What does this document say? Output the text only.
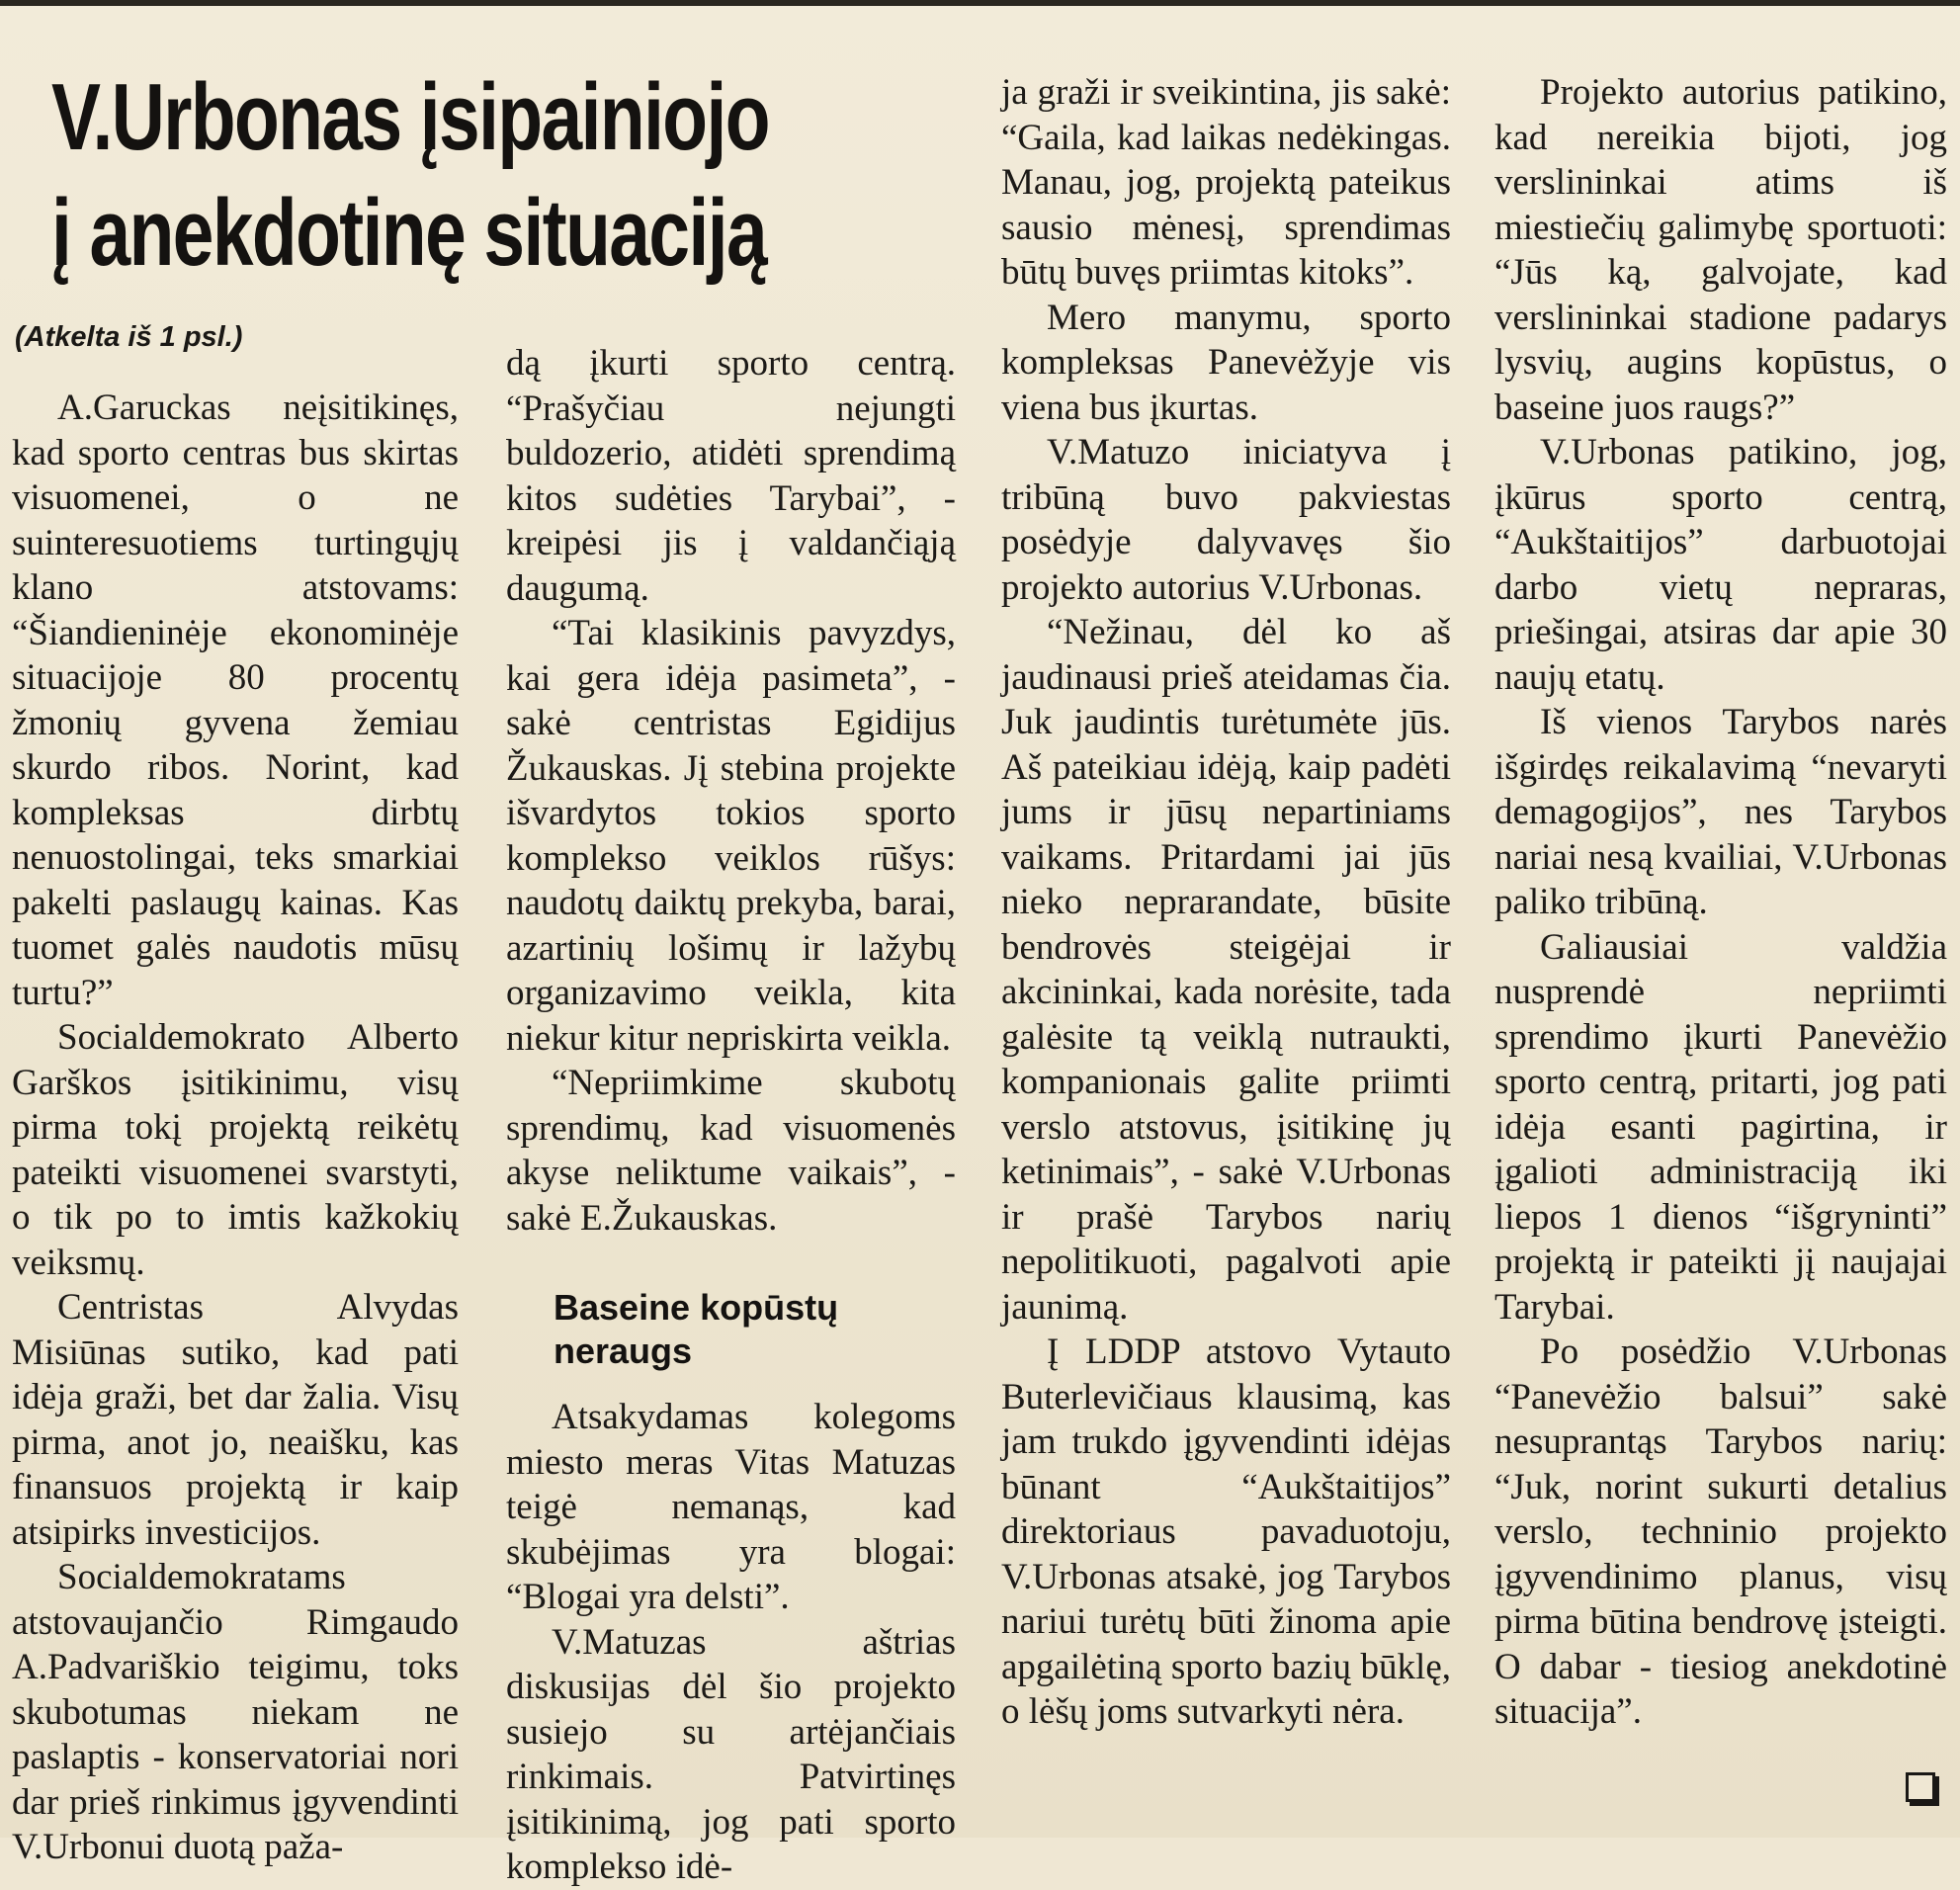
V.Urbonas įsipainiojo
į anekdotinę situaciją
(Atkelta iš 1 psl.)

A.Garuckas neįsitikinęs, kad sporto centras bus skirtas visuomenei, o ne suinteresuotiems turtingųjų klano atstovams: “Šiandieninėje ekonominėje situacijoje 80 procentų žmonių gyvena žemiau skurdo ribos. Norint, kad kompleksas dirbtų nenuostolingai, teks smarkiai pakelti paslaugų kainas. Kas tuomet galės naudotis mūsų turtu?”

Socialdemokrato Alberto Garškos įsitikinimu, visų pirma tokį projektą reikėtų pateikti visuomenei svarstyti, o tik po to imtis kažkokių veiksmų.

Centristas Alvydas Misiūnas sutiko, kad pati idėja graži, bet dar žalia. Visų pirma, anot jo, neaišku, kas finansuos projektą ir kaip atsipirks investicijos.

Socialdemokratams atstovaujančio Rimgaudo A.Padvariškio teigimu, toks skubotumas niekam ne paslaptis - konservatoriai nori dar prieš rinkimus įgyvendinti V.Urbonui duotą paža-

dą įkurti sporto centrą. “Prašyčiau nejungti buldozerio, atidėti sprendimą kitos sudėties Tarybai”, - kreipėsi jis į valdančiąją daugumą.

“Tai klasikinis pavyzdys, kai gera idėja pasimeta”, - sakė centristas Egidijus Žukauskas. Jį stebina projekte išvardytos tokios sporto komplekso veiklos rūšys: naudotų daiktų prekyba, barai, azartinių lošimų ir lažybų organizavimo veikla, kita niekur kitur nepriskirta veikla.

“Nepriimkime skubotų sprendimų, kad visuomenės akyse neliktume vaikais”, - sakė E.Žukauskas.

Baseine kopūstų neraugs

Atsakydamas kolegoms miesto meras Vitas Matuzas teigė nemanąs, kad skubėjimas yra blogai: “Blogai yra delsti”.

V.Matuzas aštrias diskusijas dėl šio projekto susiejo su artėjančiais rinkimais. Patvirtinęs įsitikinimą, jog pati sporto komplekso idė-

ja graži ir sveikintina, jis sakė: “Gaila, kad laikas nedėkingas. Manau, jog, projektą pateikus sausio mėnesį, sprendimas būtų buvęs priimtas kitoks”.

Mero manymu, sporto kompleksas Panevėžyje vis viena bus įkurtas.

V.Matuzo iniciatyva į tribūną buvo pakviestas posėdyje dalyvavęs šio projekto autorius V.Urbonas.

“Nežinau, dėl ko aš jaudinausi prieš ateidamas čia. Juk jaudintis turėtumėte jūs. Aš pateikiau idėją, kaip padėti jums ir jūsų nepartiniams vaikams. Pritardami jai jūs nieko neprarandate, būsite bendrovės steigėjai ir akcininkai, kada norėsite, tada galėsite tą veiklą nutraukti, kompanionais galite priimti verslo atstovus, įsitikinę jų ketinimais”, - sakė V.Urbonas ir prašė Tarybos narių nepolitikuoti, pagalvoti apie jaunimą.

Į LDDP atstovo Vytauto Buterlevičiaus klausimą, kas jam trukdo įgyvendinti idėjas būnant “Aukštaitijos” direktoriaus pavaduotoju, V.Urbonas atsakė, jog Tarybos nariui turėtų būti žinoma apie apgailėtiną sporto bazių būklę, o lėšų joms sutvarkyti nėra.

Projekto autorius patikino, kad nereikia bijoti, jog verslininkai atims iš miestiečių galimybę sportuoti: “Jūs ką, galvojate, kad verslininkai stadione padarys lysvių, augins kopūstus, o baseine juos raugs?”

V.Urbonas patikino, jog, įkūrus sporto centrą, “Aukštaitijos” darbuotojai darbo vietų nepraras, priešingai, atsiras dar apie 30 naujų etatų.

Iš vienos Tarybos narės išgirdęs reikalavimą “nevaryti demagogijos”, nes Tarybos nariai nesą kvailiai, V.Urbonas paliko tribūną.

Galiausiai valdžia nusprendė nepriimti sprendimo įkurti Panevėžio sporto centrą, pritarti, jog pati idėja esanti pagirtina, ir įgalioti administraciją iki liepos 1 dienos “išgryninti” projektą ir pateikti jį naujajai Tarybai.

Po posėdžio V.Urbonas “Panevėžio balsui” sakė nesuprantąs Tarybos narių: “Juk, norint sukurti detalius verslo, techninio projekto įgyvendinimo planus, visų pirma būtina bendrovę įsteigti. O dabar - tiesiog anekdotinė situacija”.
